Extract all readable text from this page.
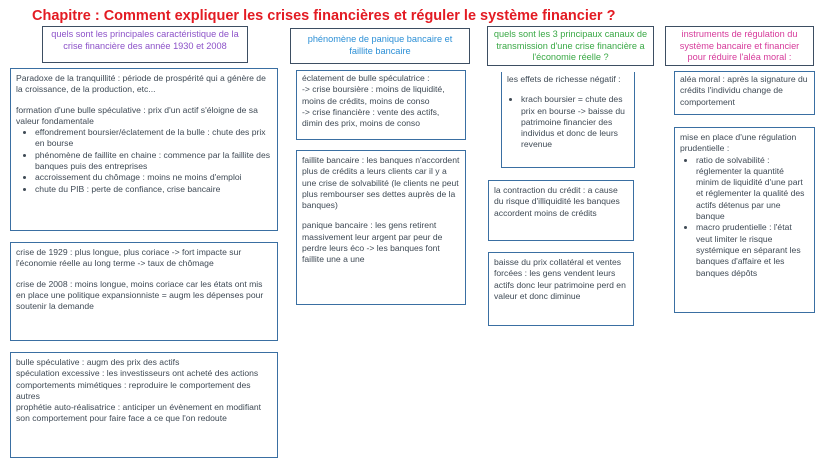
Chapitre : Comment expliquer les crises financières et réguler le système financier ?
quels sont les principales caractéristique de la crise financière des année 1930 et 2008
phénomène de panique bancaire et faillite bancaire
quels sont les 3 principaux canaux de transmission d'une crise financière a l'économie réelle ?
instruments de régulation du système bancaire et financier pour réduire l'aléa moral :

Paradoxe de la tranquillité : période de prospérité qui a génère de la croissance, de la production, etc...

formation d'une bulle spéculative : prix d'un actif s'éloigne de sa valeur fondamentale

• effondrement boursier/éclatement de la bulle : chute des prix en bourse
• phénomène de faillite en chaine : commence par la faillite des banques puis des entreprises
• accroissement du chômage : moins ne moins d'emploi
• chute du PIB : perte de confiance, crise bancaire

crise de 1929 : plus longue, plus coriace -> fort impacte sur l'économie réelle au long terme -> taux de chômage

crise de 2008 : moins longue, moins coriace car les états ont mis en place une politique expansionniste = augm les dépenses pour soutenir la demande

bulle spéculative : augm des prix des actifs

spéculation excessive : les investisseurs ont acheté des actions

comportements mimétiques : reproduire le comportement des autres

prophétie auto-réalisatrice : anticiper un évènement en modifiant son comportement pour faire face a ce que l'on redoute

éclatement de bulle spéculatrice :

-> crise boursière : moins de liquidité, moins de crédits, moins de conso

-> crise financière : vente des actifs, dimin des prix, moins de conso

faillite bancaire : les banques n'accordent plus de crédits a leurs clients car il y a une crise de solvabilité (le clients ne peut plus rembourser ses dettes auprès de la banques)

panique bancaire : les gens retirent massivement leur argent par peur de perdre leurs éco -> les banques font faillite une a une

les effets de richesse négatif :

• krach boursier = chute des prix en bourse -> baisse du patrimoine financier des individus et donc de leurs revenue

la contraction du crédit : a cause du risque d'illiquidité les banques accordent moins de crédits

baisse du prix collatéral et ventes forcées : les gens vendent leurs actifs donc leur patrimoine perd en valeur et donc diminue

aléa moral : après la signature du crédits l'individu change de comportement

mise en place d'une régulation prudentielle :

• ratio de solvabilité : réglementer la quantité minim de liquidité d'une part et réglementer la qualité des actifs détenus par une banque
• macro prudentielle : l'état veut limiter le risque systémique en séparant les banques d'affaire et les banques dépôts
